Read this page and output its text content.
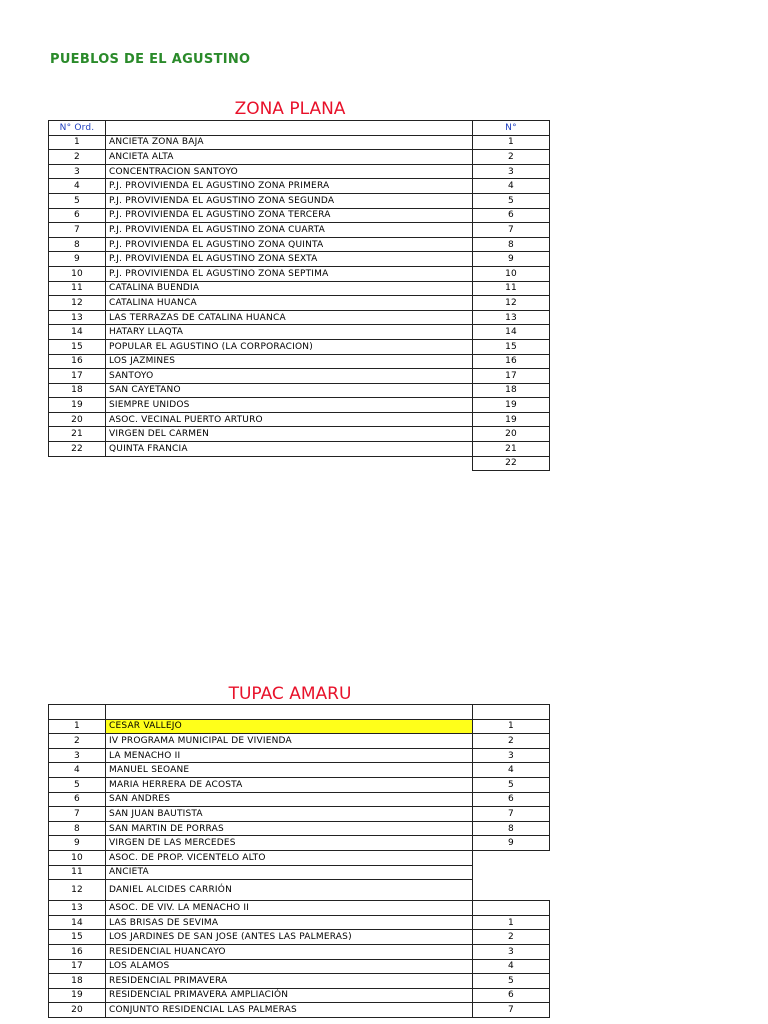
PUEBLOS DE EL AGUSTINO
ZONA PLANA
N° Ord.		N°
1	ANCIETA ZONA BAJA	1
2	ANCIETA ALTA	2
3	CONCENTRACION SANTOYO	3
4	P.J. PROVIVIENDA EL AGUSTINO ZONA PRIMERA	4
5	P.J. PROVIVIENDA EL AGUSTINO ZONA SEGUNDA	5
6	P.J. PROVIVIENDA EL AGUSTINO ZONA TERCERA	6
7	P.J. PROVIVIENDA EL AGUSTINO ZONA CUARTA	7
8	P.J. PROVIVIENDA EL AGUSTINO ZONA QUINTA	8
9	P.J. PROVIVIENDA EL AGUSTINO ZONA SEXTA	9
10	P.J. PROVIVIENDA EL AGUSTINO ZONA SEPTIMA	10
11	CATALINA BUENDIA	11
12	CATALINA HUANCA	12
13	LAS TERRAZAS DE CATALINA HUANCA	13
14	HATARY LLAQTA	14
15	POPULAR EL AGUSTINO (LA CORPORACION)	15
16	LOS JAZMINES	16
17	SANTOYO	17
18	SAN CAYETANO	18
19	SIEMPRE UNIDOS	19
20	ASOC. VECINAL PUERTO ARTURO	19
21	VIRGEN DEL CARMEN	20
22	QUINTA FRANCIA	21
		22
TUPAC AMARU

1	CESAR VALLEJO	1
2	IV PROGRAMA MUNICIPAL DE VIVIENDA	2
3	LA MENACHO II	3
4	MANUEL SEOANE	4
5	MARIA HERRERA DE ACOSTA	5
6	SAN ANDRES	6
7	SAN JUAN BAUTISTA	7
8	SAN MARTIN DE PORRAS	8
9	VIRGEN DE LAS MERCEDES	9
10	ASOC. DE PROP. VICENTELO ALTO	
11	ANCIETA	
12	DANIEL ALCIDES CARRIÓN	
13	ASOC. DE VIV. LA MENACHO II	
14	LAS BRISAS DE SEVIMA	1
15	LOS JARDINES DE SAN JOSE (ANTES LAS PALMERAS)	2
16	RESIDENCIAL HUANCAYO	3
17	LOS ALAMOS	4
18	RESIDENCIAL PRIMAVERA	5
19	RESIDENCIAL PRIMAVERA AMPLIACIÓN	6
20	CONJUNTO RESIDENCIAL LAS PALMERAS	7
